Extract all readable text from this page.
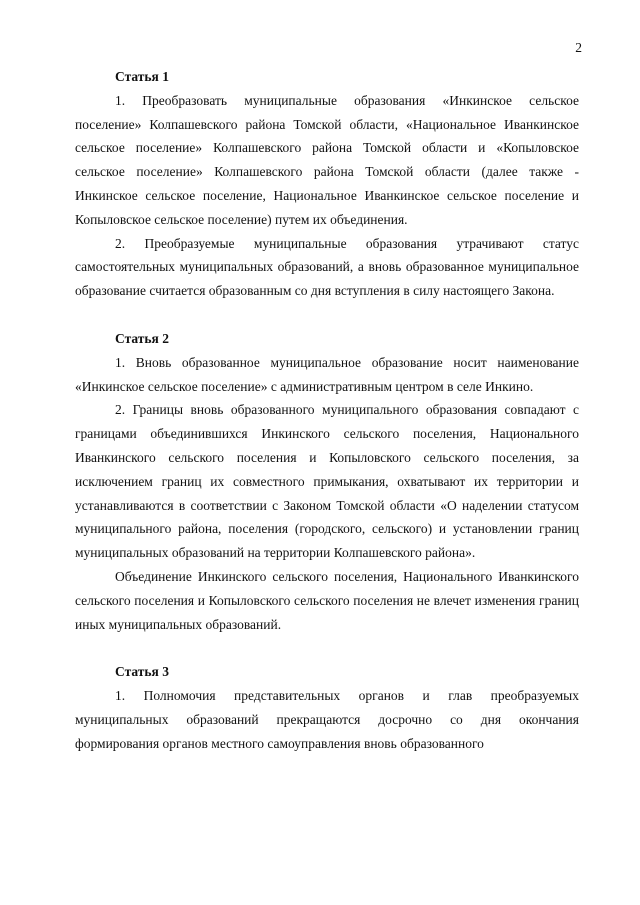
2

Статья 1

1. Преобразовать муниципальные образования «Инкинское сельское поселение» Колпашевского района Томской области, «Национальное Иванкинское сельское поселение» Колпашевского района Томской области и «Копыловское сельское поселение» Колпашевского района Томской области (далее также - Инкинское сельское поселение, Национальное Иванкинское сельское поселение и Копыловское сельское поселение) путем их объединения.

2. Преобразуемые муниципальные образования утрачивают статус самостоятельных муниципальных образований, а вновь образованное муниципальное образование считается образованным со дня вступления в силу настоящего Закона.

Статья 2

1. Вновь образованное муниципальное образование носит наименование «Инкинское сельское поселение» с административным центром в селе Инкино.

2. Границы вновь образованного муниципального образования совпадают с границами объединившихся Инкинского сельского поселения, Национального Иванкинского сельского поселения и Копыловского сельского поселения, за исключением границ их совместного примыкания, охватывают их территории и устанавливаются в соответствии с Законом Томской области «О наделении статусом муниципального района, поселения (городского, сельского) и установлении границ муниципальных образований на территории Колпашевского района».

Объединение Инкинского сельского поселения, Национального Иванкинского сельского поселения и Копыловского сельского поселения не влечет изменения границ иных муниципальных образований.

Статья 3

1. Полномочия представительных органов и глав преобразуемых муниципальных образований прекращаются досрочно со дня окончания формирования органов местного самоуправления вновь образованного
